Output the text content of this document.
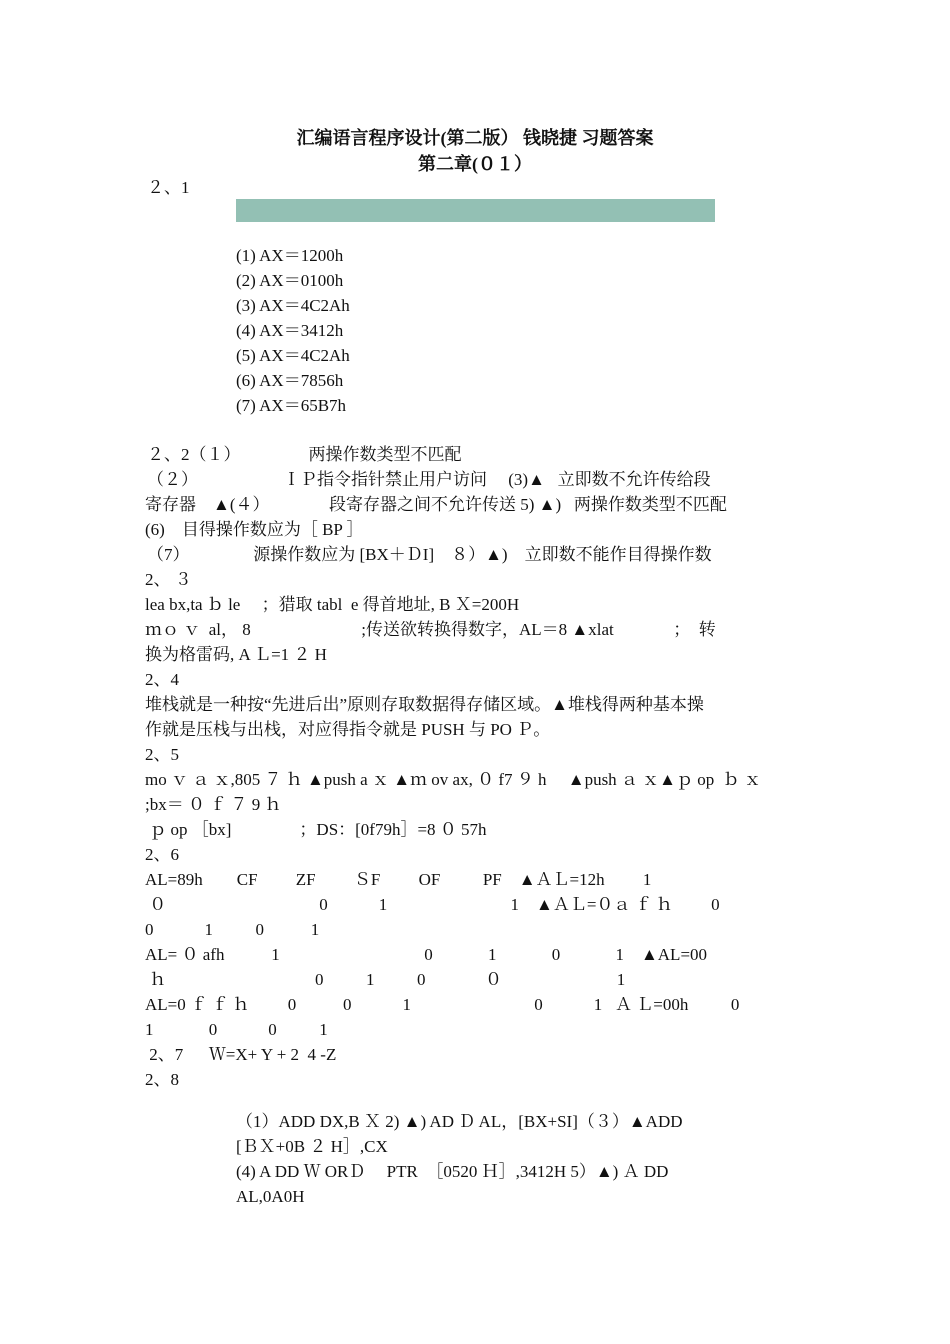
汇编语言程序设计(第二版） 钱晓捷 习题答案
第二章(０１）
２、1
(1) AX＝1200h
(2) AX＝0100h
(3) AX＝4C2Ah
(4) AX＝3412h
(5) AX＝4C2Ah
(6) AX＝7856h
(7) AX＝65B7h
２、2（１）                两操作数类型不匹配
（２）                    ＩＰ指令指针禁止用户访问     (3)▲   立即数不允许传给段
寄存器    ▲(４）              段寄存器之间不允许传送 5) ▲)   两操作数类型不匹配
(6)    目得操作数应为［ BP ］
（7）               源操作数应为 [BX＋ＤI]    ８）▲)    立即数不能作目得操作数
2、 ３
lea bx,ta ｂ le     ；猎取 tabl  e 得首地址, B Ｘ=200H
ｍｏ ｖ  al， 8                          ;传送欲转换得数字，AL＝8 ▲xlat              ；  转
换为格雷码, A Ｌ=1 ２ H
2、4
堆栈就是一种按“先进后出”原则存取数据得存储区域。▲堆栈得两种基本操
作就是压栈与出栈，对应得指令就是 PUSH 与 PO Ｐ。
2、5
mo ｖ ａ ｘ,805 ７ ｈ ▲push a ｘ ▲ｍ ov ax, ０ f7 ９ h     ▲push ａ ｘ▲ｐ op  ｂ ｘ
;bx＝ ０ ｆ ７ 9 ｈ
ｐ op ［bx]                ；DS：[0f79h］=8 ０ 57h
2、6
AL=89h        CF         ZF         ＳF         OF          PF    ▲ＡＬ=12h         1
０                                    0            1                             1    ▲ＡＬ=０ａ ｆ ｈ         0
0            1          0           1
AL= ０ afh           1                                  0             1             0             1    ▲AL=00
ｈ                                   0          1          0              ０                           1
AL=0 ｆ ｆ ｈ         0           0            1                             0            1   Ａ Ｌ=00h          0
1             0            0          1
2、7      Ｗ=X+ Y + 2  4 -Z
2、8
（1）ADD DX,B Ｘ 2) ▲) AD Ｄ AL，[BX+SI]（３）▲ADD
[ＢＸ+0B ２ H］,CX
(4) A DD Ｗ ORＤ     PTR  ［0520 Ｈ］,3412H 5）▲) Ａ DD
AL,0A0H
